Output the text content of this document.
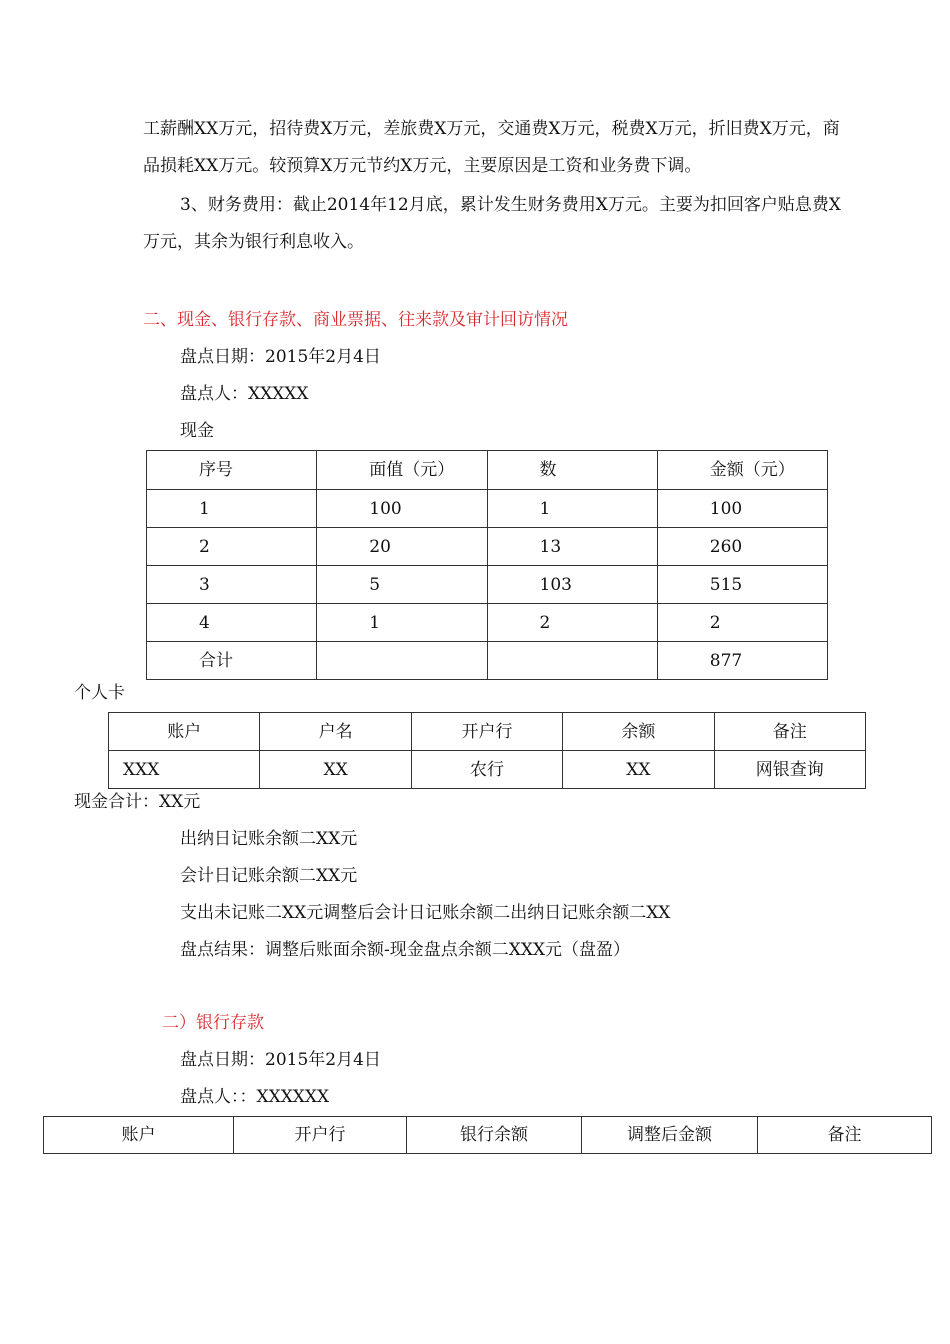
工薪酬XX万元，招待费X万元，差旅费X万元，交通费X万元，税费X万元，折旧费X万元，商
品损耗XX万元。较预算X万元节约X万元，主要原因是工资和业务费下调。
3、财务费用：截止2014年12月底，累计发生财务费用X万元。主要为扣回客户贴息费X
万元，其余为银行利息收入。
二、现金、银行存款、商业票据、往来款及审计回访情况
盘点日期：2015年2月4日
盘点人：XXXXX
现金
序号	面值（元）	数	金额（元）
1	100	1	100
2	20	13	260
3	5	103	515
4	1	2	2
合计			877
个人卡
账户	户名	开户行	余额	备注
XXX	XX	农行	XX	网银查询
现金合计：XX元
出纳日记账余额二XX元
会计日记账余额二XX元
支出未记账二XX元调整后会计日记账余额二出纳日记账余额二XX
盘点结果：调整后账面余额-现金盘点余额二XXX元（盘盈）
二）银行存款
盘点日期：2015年2月4日
盘点人：：XXXXXX
账户	开户行	银行余额	调整后金额	备注
